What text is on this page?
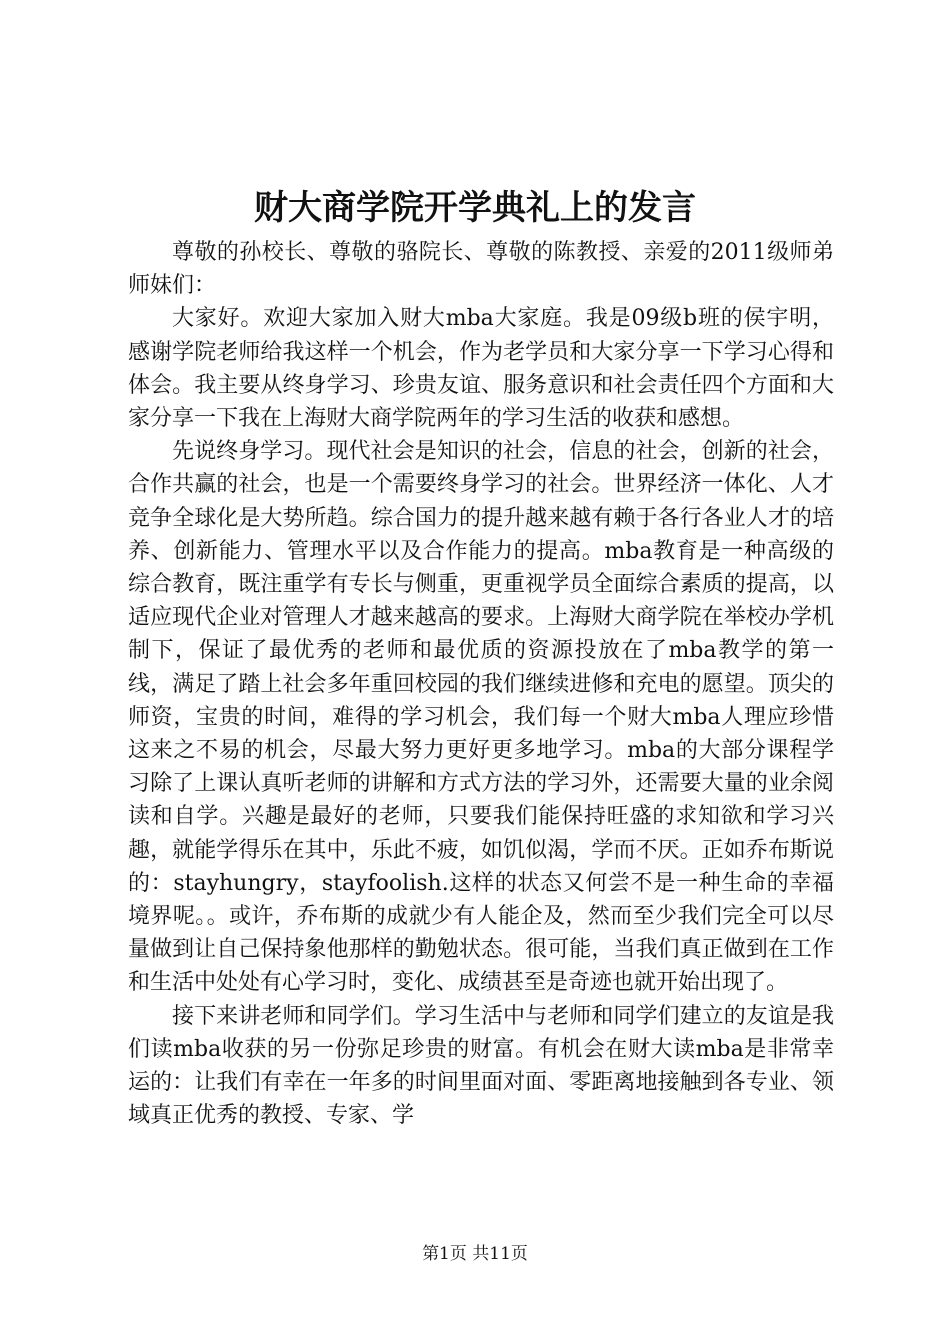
财大商学院开学典礼上的发言

尊敬的孙校长、尊敬的骆院长、尊敬的陈教授、亲爱的2011级师弟师妹们：

大家好。欢迎大家加入财大mba大家庭。我是09级b班的侯宇明，感谢学院老师给我这样一个机会，作为老学员和大家分享一下学习心得和体会。我主要从终身学习、珍贵友谊、服务意识和社会责任四个方面和大家分享一下我在上海财大商学院两年的学习生活的收获和感想。

先说终身学习。现代社会是知识的社会，信息的社会，创新的社会，合作共赢的社会，也是一个需要终身学习的社会。世界经济一体化、人才竞争全球化是大势所趋。综合国力的提升越来越有赖于各行各业人才的培养、创新能力、管理水平以及合作能力的提高。mba教育是一种高级的综合教育，既注重学有专长与侧重，更重视学员全面综合素质的提高，以适应现代企业对管理人才越来越高的要求。上海财大商学院在举校办学机制下，保证了最优秀的老师和最优质的资源投放在了mba教学的第一线，满足了踏上社会多年重回校园的我们继续进修和充电的愿望。顶尖的师资，宝贵的时间，难得的学习机会，我们每一个财大mba人理应珍惜这来之不易的机会，尽最大努力更好更多地学习。mba的大部分课程学习除了上课认真听老师的讲解和方式方法的学习外，还需要大量的业余阅读和自学。兴趣是最好的老师，只要我们能保持旺盛的求知欲和学习兴趣，就能学得乐在其中，乐此不疲，如饥似渴，学而不厌。正如乔布斯说的：stayhungry，stayfoolish.这样的状态又何尝不是一种生命的幸福境界呢。。或许，乔布斯的成就少有人能企及，然而至少我们完全可以尽量做到让自己保持象他那样的勤勉状态。很可能，当我们真正做到在工作和生活中处处有心学习时，变化、成绩甚至是奇迹也就开始出现了。

接下来讲老师和同学们。学习生活中与老师和同学们建立的友谊是我们读mba收获的另一份弥足珍贵的财富。有机会在财大读mba是非常幸运的：让我们有幸在一年多的时间里面对面、零距离地接触到各专业、领域真正优秀的教授、专家、学

第1页 共11页
